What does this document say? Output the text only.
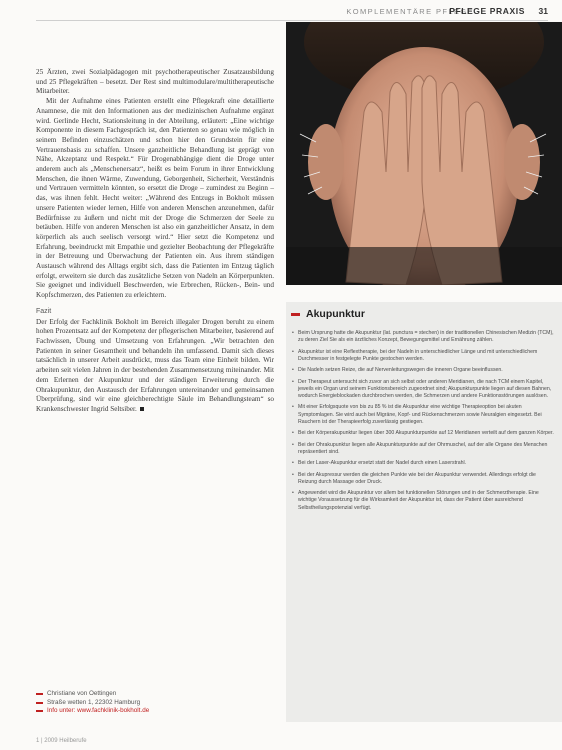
KOMPLEMENTÄRE PFLEGE
PFLEGE PRAXIS 31

25 Ärzten, zwei Sozialpädagogen mit psychotherapeutischer Zusatzausbildung und 25 Pflegekräften – besetzt. Der Rest sind multimodulare/multitherapeutische Mitarbeiter.

Mit der Aufnahme eines Patienten erstellt eine Pflegekraft eine detaillierte Anamnese, die mit den Informationen aus der medizinischen Aufnahme ergänzt wird. Gerlinde Hecht, Stationsleitung in der Abteilung, erläutert: „Eine wichtige Komponente in diesem Fachgespräch ist, den Patienten so genau wie möglich in seinem Befinden einzuschätzen und schon hier den Grundstein für eine Vertrauensbasis zu schaffen. Unsere ganzheitliche Behandlung ist geprägt von Nähe, Akzeptanz und Respekt.“ Für Drogenabhängige dient die Droge unter anderem auch als „Menschenersatz“, heißt es beim Forum in ihrer Entwicklung Menschen, die ihnen Wärme, Zuwendung, Geborgenheit, Sicherheit, Verständnis und Vertrauen vermitteln könnten, so ersetzt die Droge – zumindest zu Beginn – das, was ihnen fehlt. Hecht weiter: „Während des Entzugs in Bokholt müssen unsere Patienten wieder lernen, Hilfe von anderen Menschen anzunehmen, dafür Bedürfnisse zu äußern und nicht mit der Droge die Schmerzen der Seele zu betäuben. Hilfe von anderen Menschen ist also ein ganzheitlicher Ansatz, in dem körperlich als auch seelisch versorgt wird.“ Hier setzt die Kompetenz und Erfahrung, beeindruckt mit Empathie und gezielter Beobachtung der Pflegekräfte in der Betreuung und Überwachung der Patienten ein. Aus ihrem ständigen Austausch während des Alltags ergibt sich, dass die Patienten im Entzug täglich erfolgt, erweitern sie durch das zusätzliche Setzen von Nadeln an Körperpunkten. Sie geeignet und individuell Beschwerden, wie Erbrechen, Rücken-, Bein- und Kopfschmerzen, des Patienten zu erleichtern.

Fazit

Der Erfolg der Fachklinik Bokholt im Bereich illegaler Drogen beruht zu einem hohen Prozentsatz auf der Kompetenz der pflegerischen Mitarbeiter, basierend auf Fachwissen, Übung und Umsetzung von Erfahrungen. „Wir betrachten den Patienten in seiner Gesamtheit und behandeln ihn umfassend. Damit sich dieses tatsächlich in unserer Arbeit ausdrückt, muss das Team eine Einheit bilden. Wir arbeiten seit vielen Jahren in der bestehenden Zusammensetzung miteinander. Mit dem Erlernen der Akupunktur und der ständigen Erweiterung durch die Ohrakupunktur, den Austausch der Erfahrungen untereinander und gemeinsamen Überprüfung, sind wir eine gleichberechtigte Säule im Behandlungsteam“ so Krankenschwester Ingrid Seltsiber.

Christiane von Oettingen
Straße wetten 1, 22302 Hamburg
Info unter: www.fachklinik-bokholt.de
1 | 2009 Heilberufe
Akupunktur
• Beim Ursprung hatte die Akupunktur (lat. punctura = stechen) in der traditionellen Chinesischen Medizin (TCM), zu deren Ziel Sie als ein ärztliches Konzept, Bewegungsmittel und Ernährung zählen.
• Akupunktur ist eine Reflextherapie, bei der Nadeln in unterschiedlicher Länge und mit unterschiedlichem Durchmesser in festgelegte Punkte gestochen werden.
• Die Nadeln setzen Reize, die auf Nervenleitungswegen die inneren Organe beeinflussen.
• Der Therapeut untersucht sich zuvor an sich selbst oder anderen Meridianen, die nach TCM einem Kapitel, jeweils ein Organ und seinem Funktionsbereich zugeordnet sind; Akupunkturpunkte liegen auf diesen Bahnen, wodurch Energieblockaden durchbrochen werden, die Schmerzen und andere Funktionsstörungen auslösen.
• Mit einer Erfolgsquote von bis zu 85 % ist die Akupunktur eine wichtige Therapieoption bei akuten Symptomlagen. Sie wird auch bei Migräne, Kopf- und Rückenschmerzen sowie Neuralgien eingesetzt. Bei Rauchern ist der Therapieerfolg zuverlässig gestiegen.
• Bei der Körperakupunktur liegen über 300 Akupunkturpunkte auf 12 Meridianen verteilt auf dem ganzen Körper.
• Bei der Ohrakupunktur liegen alle Akupunkturpunkte auf der Ohrmuschel, auf der alle Organe des Menschen repräsentiert sind.
• Bei der Laser-Akupunktur ersetzt statt der Nadel durch einen Laserstrahl.
• Bei der Akupressur werden die gleichen Punkte wie bei der Akupunktur verwendet. Allerdings erfolgt die Reizung durch Massage oder Druck.
• Angewendet wird die Akupunktur vor allem bei funktionellen Störungen und in der Schmerztherapie. Eine wichtige Voraussetzung für die Wirksamkeit der Akupunktur ist, dass der Patient über ausreichend Selbstheilungspotenzial verfügt.
